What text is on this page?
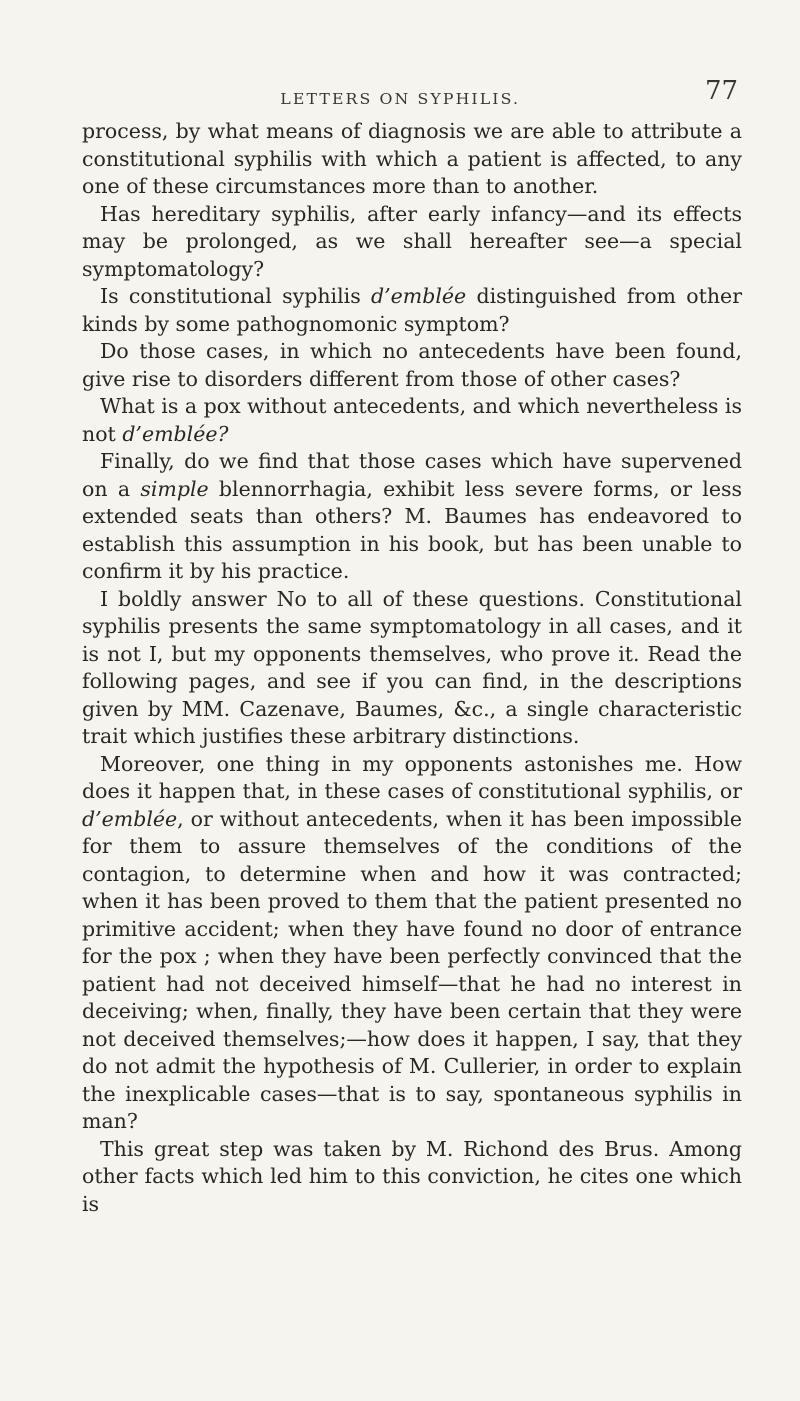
LETTERS ON SYPHILIS.	77

process, by what means of diagnosis we are able to attribute a constitutional syphilis with which a patient is affected, to any one of these circumstances more than to another.

Has hereditary syphilis, after early infancy—and its effects may be prolonged, as we shall hereafter see—a special symptomatology?

Is constitutional syphilis d’emblée distinguished from other kinds by some pathognomonic symptom?

Do those cases, in which no antecedents have been found, give rise to disorders different from those of other cases?

What is a pox without antecedents, and which nevertheless is not d’emblée?

Finally, do we find that those cases which have supervened on a simple blennorrhagia, exhibit less severe forms, or less extended seats than others? M. Baumes has endeavored to establish this assumption in his book, but has been unable to confirm it by his practice.

I boldly answer No to all of these questions. Constitutional syphilis presents the same symptomatology in all cases, and it is not I, but my opponents themselves, who prove it. Read the following pages, and see if you can find, in the descriptions given by MM. Cazenave, Baumes, &c., a single characteristic trait which justifies these arbitrary distinctions.

Moreover, one thing in my opponents astonishes me. How does it happen that, in these cases of constitutional syphilis, or d’emblée, or without antecedents, when it has been impossible for them to assure themselves of the conditions of the contagion, to determine when and how it was contracted; when it has been proved to them that the patient presented no primitive accident; when they have found no door of entrance for the pox ; when they have been perfectly convinced that the patient had not deceived himself—that he had no interest in deceiving; when, finally, they have been certain that they were not deceived themselves;—how does it happen, I say, that they do not admit the hypothesis of M. Cullerier, in order to explain the inexplicable cases—that is to say, spontaneous syphilis in man?

This great step was taken by M. Richond des Brus. Among other facts which led him to this conviction, he cites one which is
